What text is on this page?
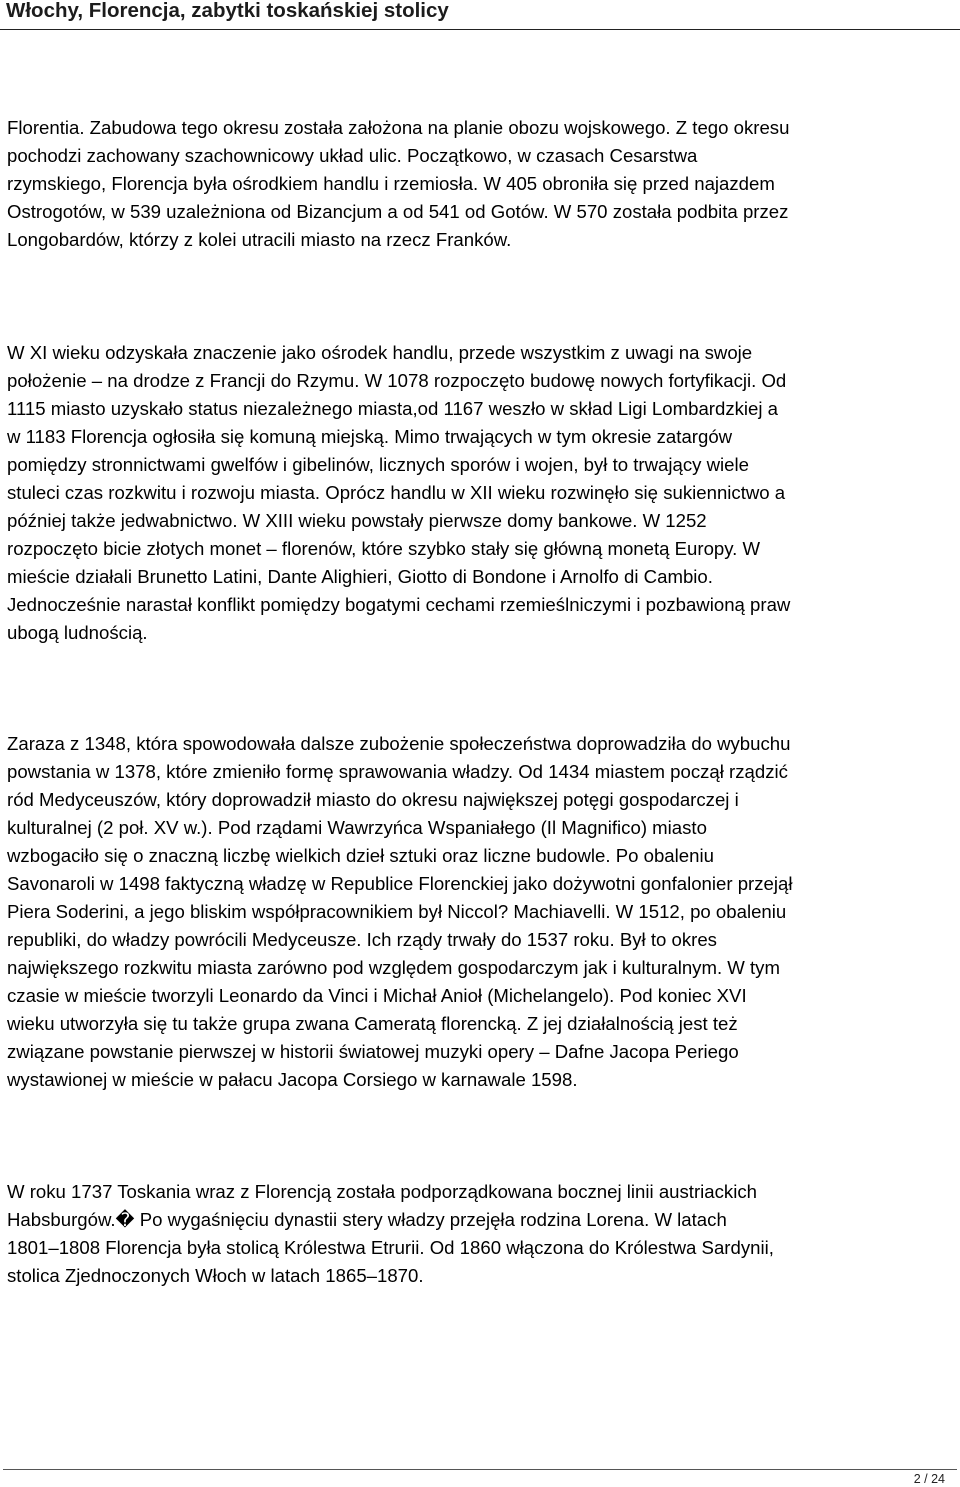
Włochy, Florencja, zabytki toskańskiej stolicy
Florentia. Zabudowa tego okresu została założona na planie obozu wojskowego. Z tego okresu
pochodzi zachowany szachownicowy układ ulic. Początkowo, w czasach Cesarstwa
rzymskiego, Florencja była ośrodkiem handlu i rzemiosła. W 405 obroniła się przed najazdem
Ostrogotów, w 539 uzależniona od Bizancjum a od 541 od Gotów. W 570 została podbita przez
Longobardów, którzy z kolei utracili miasto na rzecz Franków.
W XI wieku odzyskała znaczenie jako ośrodek handlu, przede wszystkim z uwagi na swoje
położenie – na drodze z Francji do Rzymu. W 1078 rozpoczęto budowę nowych fortyfikacji. Od
1115 miasto uzyskało status niezależnego miasta,od 1167 weszło w skład Ligi Lombardzkiej a
w 1183 Florencja ogłosiła się komuną miejską. Mimo trwających w tym okresie zatargów
pomiędzy stronnictwami gwelfów i gibelinów, licznych sporów i wojen, był to trwający wiele
stuleci czas rozkwitu i rozwoju miasta. Oprócz handlu w XII wieku rozwinęło się sukiennictwo a
później także jedwabnictwo. W XIII wieku powstały pierwsze domy bankowe. W 1252
rozpoczęto bicie złotych monet – florenów, które szybko stały się główną monetą Europy. W
mieście działali Brunetto Latini, Dante Alighieri, Giotto di Bondone i Arnolfo di Cambio.
Jednocześnie narastał konflikt pomiędzy bogatymi cechami rzemieślniczymi i pozbawioną praw
ubogą ludnością.
Zaraza z 1348, która spowodowała dalsze zubożenie społeczeństwa doprowadziła do wybuchu
powstania w 1378, które zmieniło formę sprawowania władzy. Od 1434 miastem począł rządzić
ród Medyceuszów, który doprowadził miasto do okresu największej potęgi gospodarczej i
kulturalnej (2 poł. XV w.). Pod rządami Wawrzyńca Wspaniałego (Il Magnifico) miasto
wzbogaciło się o znaczną liczbę wielkich dzieł sztuki oraz liczne budowle. Po obaleniu
Savonaroli w 1498 faktyczną władzę w Republice Florenckiej jako dożywotni gonfalonier przejął
Piera Soderini, a jego bliskim współpracownikiem był Niccol? Machiavelli. W 1512, po obaleniu
republiki, do władzy powrócili Medyceusze. Ich rządy trwały do 1537 roku. Był to okres
największego rozkwitu miasta zarówno pod względem gospodarczym jak i kulturalnym. W tym
czasie w mieście tworzyli Leonardo da Vinci i Michał Anioł (Michelangelo). Pod koniec XVI
wieku utworzyła się tu także grupa zwana Cameratą florencką. Z jej działalnością jest też
związane powstanie pierwszej w historii światowej muzyki opery – Dafne Jacopa Periego
wystawionej w mieście w pałacu Jacopa Corsiego w karnawale 1598.
W roku 1737 Toskania wraz z Florencją została podporządkowana bocznej linii austriackich
Habsburgów.� Po wygaśnięciu dynastii stery władzy przejęła rodzina Lorena. W latach
1801–1808 Florencja była stolicą Królestwa Etrurii. Od 1860 włączona do Królestwa Sardynii,
stolica Zjednoczonych Włoch w latach 1865–1870.
2 / 24
